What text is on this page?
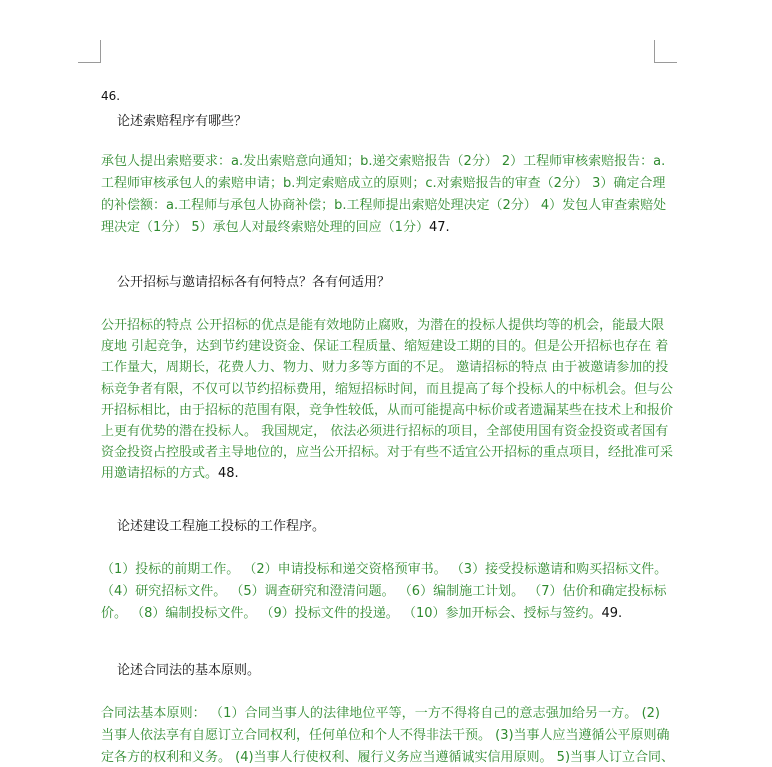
46.
论述索赔程序有哪些？
承包人提出索赔要求：a.发出索赔意向通知；b.递交索赔报告（2分） 2）工程师审核索赔报告：a.
工程师审核承包人的索赔申请；b.判定索赔成立的原则；c.对索赔报告的审查（2分） 3）确定合理
的补偿额：a.工程师与承包人协商补偿；b.工程师提出索赔处理决定（2分） 4）发包人审查索赔处
理决定（1分） 5）承包人对最终索赔处理的回应（1分）47.
公开招标与邀请招标各有何特点？各有何适用？
公开招标的特点 公开招标的优点是能有效地防止腐败，为潜在的投标人提供均等的机会，能最大限
度地 引起竞争，达到节约建设资金、保证工程质量、缩短建设工期的目的。但是公开招标也存在 着
工作量大，周期长，花费人力、物力、财力多等方面的不足。 邀请招标的特点 由于被邀请参加的投
标竞争者有限，不仅可以节约招标费用，缩短招标时间，而且提高了每个投标人的中标机会。但与公
开招标相比，由于招标的范围有限，竞争性较低，从而可能提高中标价或者遗漏某些在技术上和报价
上更有优势的潜在投标人。 我国规定， 依法必须进行招标的项目，全部使用国有资金投资或者国有
资金投资占控股或者主导地位的，应当公开招标。对于有些不适宜公开招标的重点项目，经批准可采
用邀请招标的方式。48.
论述建设工程施工投标的工作程序。
（1）投标的前期工作。 （2）申请投标和递交资格预审书。 （3）接受投标邀请和购买招标文件。
（4）研究招标文件。 （5）调查研究和澄清问题。 （6）编制施工计划。 （7）估价和确定投标标
价。 （8）编制投标文件。 （9）投标文件的投递。 （10）参加开标会、授标与签约。49.
论述合同法的基本原则。
合同法基本原则： （1）合同当事人的法律地位平等，一方不得将自己的意志强加给另一方。 (2)
当事人依法享有自愿订立合同权利，任何单位和个人不得非法干预。 (3)当事人应当遵循公平原则确
定各方的权利和义务。 (4)当事人行使权利、履行义务应当遵循诚实信用原则。 5)当事人订立合同、
